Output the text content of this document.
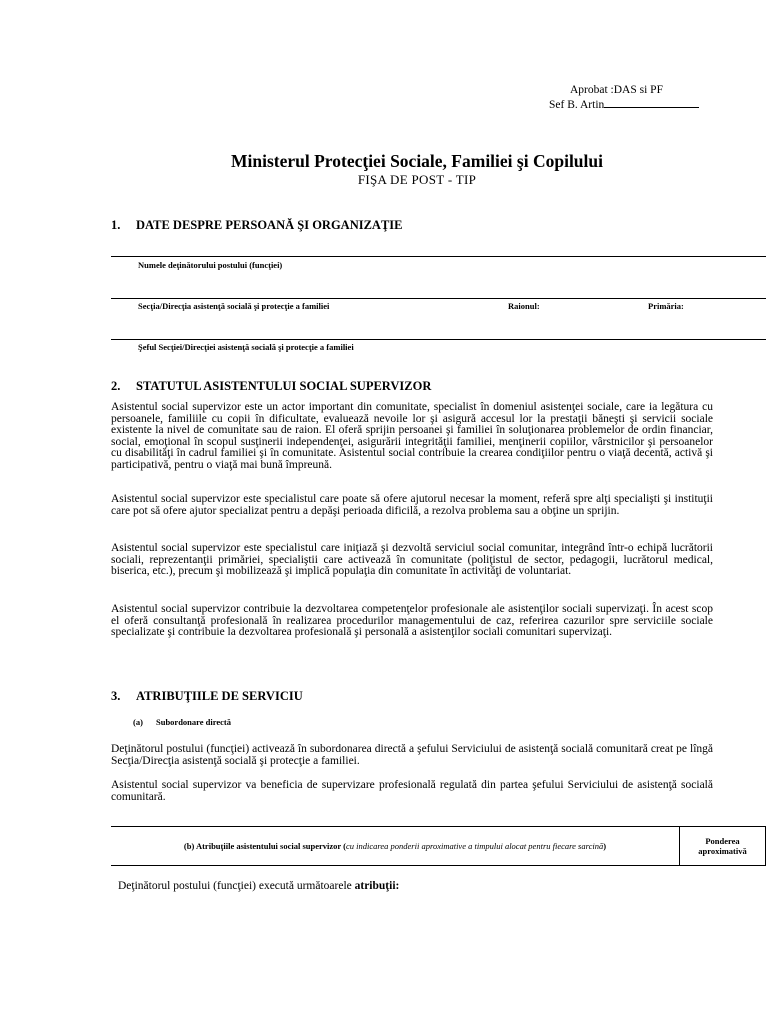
Aprobat :DAS si PF
Sef B. Artin
Ministerul Protecţiei Sociale, Familiei şi Copilului
FIŞA DE POST - TIP
1. DATE DESPRE PERSOANĂ ŞI ORGANIZAŢIE
Numele deţinătorului postului (funcţiei)
Secţia/Direcţia asistenţă socială şi protecţie a familiei	Raionul:	Primăria:
Şeful Secţiei/Direcţiei asistenţă socială şi protecţie a familiei
2. STATUTUL ASISTENTULUI SOCIAL SUPERVIZOR
Asistentul social supervizor este un actor important din comunitate, specialist în domeniul asistenţei sociale, care ia legătura cu persoanele, familiile cu copii în dificultate, evaluează nevoile lor şi asigură accesul lor la prestaţii băneşti şi servicii sociale existente la nivel de comunitate sau de raion. El oferă sprijin persoanei şi familiei în soluţionarea problemelor de ordin financiar, social, emoţional în scopul susţinerii independenţei, asigurării integrităţii familiei, menţinerii copiilor, vârstnicilor şi persoanelor cu disabilităţi în cadrul familiei şi în comunitate. Asistentul social contribuie la crearea condiţiilor pentru o viaţă decentă, activă şi participativă, pentru o viaţă mai bună împreună.
Asistentul social supervizor este specialistul care poate să ofere ajutorul necesar la moment, referă spre alţi specialişti şi instituţii care pot să ofere ajutor specializat pentru a depăşi perioada dificilă, a rezolva problema sau a obţine un sprijin.
Asistentul social supervizor este specialistul care iniţiază şi dezvoltă serviciul social comunitar, integrând într-o echipă lucrătorii sociali, reprezentanţii primăriei, specialiştii care activează în comunitate (poliţistul de sector, pedagogii, lucrătorul medical, biserica, etc.), precum şi mobilizează şi implică populaţia din comunitate în activităţi de voluntariat.
Asistentul social supervizor contribuie la dezvoltarea competenţelor profesionale ale asistenţilor sociali supervizaţi. În acest scop el oferă consultanţă profesională în realizarea procedurilor managementului de caz, referirea cazurilor spre serviciile sociale specializate şi contribuie la dezvoltarea profesională şi personală a asistenţilor sociali comunitari supervizaţi.
3. ATRIBUŢIILE DE SERVICIU
(a) Subordonare directă
Deţinătorul postului (funcţiei) activează în subordonarea directă a şefului Serviciului de asistenţă socială comunitară creat pe lîngă Secţia/Direcţia asistenţă socială şi protecţie a familiei.
Asistentul social supervizor va beneficia de supervizare profesională regulată din partea şefului Serviciului de asistenţă socială comunitară.
(b) Atribuţiile asistentului social supervizor (cu indicarea ponderii aproximative a timpului alocat pentru fiecare sarcină)	Ponderea aproximativă
Deţinătorul postului (funcţiei) execută următoarele atribuţii:
